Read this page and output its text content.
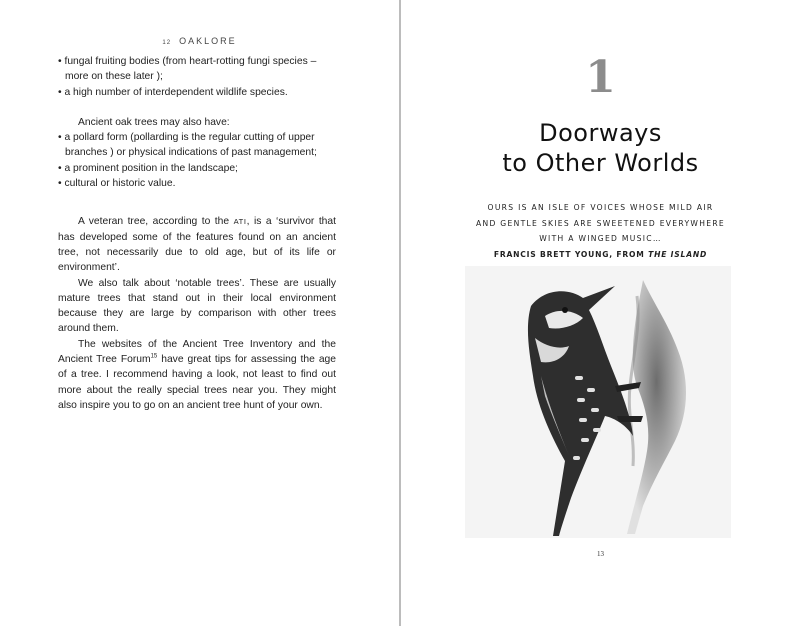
12 OAKLORE

• fungal fruiting bodies (from heart-rotting fungi species – more on these later );

• a high number of interdependent wildlife species.

Ancient oak trees may also have:

• a pollard form (pollarding is the regular cutting of upper branches ) or physical indications of past management;

• a prominent position in the landscape;

• cultural or historic value.

A veteran tree, according to the ATI, is a ‘survivor that has developed some of the features found on an ancient tree, not necessarily due to old age, but of its life or environment’.

We also talk about ‘notable trees’. These are usually mature trees that stand out in their local environment because they are large by comparison with other trees around them.

The websites of the Ancient Tree Inventory and the Ancient Tree Forum$^{15}$ have great tips for assessing the age of a tree. I recommend having a look, not least to find out more about the really special trees near you. They might also inspire you to go on an ancient tree hunt of your own.

1
Doorways
to Other Worlds
OURS IS AN ISLE OF VOICES WHOSE MILD AIR
AND GENTLE SKIES ARE SWEETENED EVERYWHERE
WITH A WINGED MUSIC…
FRANCIS BRETT YOUNG, FROM THE ISLAND
13
